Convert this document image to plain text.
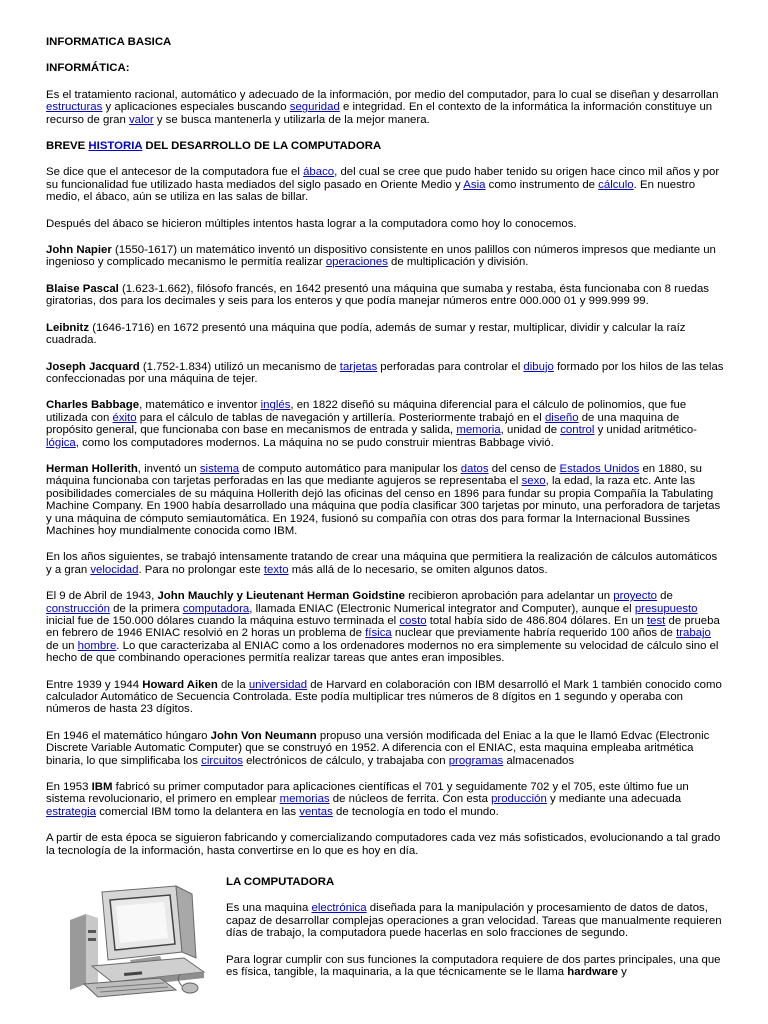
INFORMATICA BASICA

INFORMÁTICA:

Es el tratamiento racional, automático y adecuado de la información, por medio del computador, para lo cual se diseñan y desarrollan estructuras y aplicaciones especiales buscando seguridad e integridad. En el contexto de la informática la información constituye un recurso de gran valor y se busca mantenerla y utilizarla de la mejor manera.

BREVE HISTORIA DEL DESARROLLO DE LA COMPUTADORA

Se dice que el antecesor de la computadora fue el ábaco, del cual se cree que pudo haber tenido su origen hace cinco mil años y por su funcionalidad fue utilizado hasta mediados del siglo pasado en Oriente Medio y Asia como instrumento de cálculo. En nuestro medio, el ábaco, aún se utiliza en las salas de billar.

Después del ábaco se hicieron múltiples intentos hasta lograr a la computadora como hoy lo conocemos.

John Napier (1550-1617) un matemático inventó un dispositivo consistente en unos palillos con números impresos que mediante un ingenioso y complicado mecanismo le permitía realizar operaciones de multiplicación y división.

Blaise Pascal (1.623-1.662), filósofo francés, en 1642 presentó una máquina que sumaba y restaba, ésta funcionaba con 8 ruedas giratorias, dos para los decimales y seis para los enteros y que podía manejar números entre 000.000 01 y 999.999 99.

Leibnitz (1646-1716) en 1672 presentó una máquina que podía, además de sumar y restar, multiplicar, dividir y calcular la raíz cuadrada.

Joseph Jacquard (1.752-1.834) utilizó un mecanismo de tarjetas perforadas para controlar el dibujo formado por los hilos de las telas confeccionadas por una máquina de tejer.

Charles Babbage, matemático e inventor inglés, en 1822 diseñó su máquina diferencial para el cálculo de polinomios, que fue utilizada con éxito para el cálculo de tablas de navegación y artillería. Posteriormente trabajó en el diseño de una maquina de propósito general, que funcionaba con base en mecanismos de entrada y salida, memoria, unidad de control y unidad aritmético-lógica, como los computadores modernos. La máquina no se pudo construir mientras Babbage vivió.

Herman Hollerith, inventó un sistema de computo automático para manipular los datos del censo de Estados Unidos en 1880, su máquina funcionaba con tarjetas perforadas en las que mediante agujeros se representaba el sexo, la edad, la raza etc. Ante las posibilidades comerciales de su máquina Hollerith dejó las oficinas del censo en 1896 para fundar su propia Compañía la Tabulating Machine Company. En 1900 había desarrollado una máquina que podía clasificar 300 tarjetas por minuto, una perforadora de tarjetas y una máquina de cómputo semiautomática. En 1924, fusionó su compañía con otras dos para formar la Internacional Bussines Machines hoy mundialmente conocida como IBM.

En los años siguientes, se trabajó intensamente tratando de crear una máquina que permitiera la realización de cálculos automáticos y a gran velocidad. Para no prolongar este texto más allá de lo necesario, se omiten algunos datos.

El 9 de Abril de 1943, John Mauchly y Lieutenant Herman Goidstine recibieron aprobación para adelantar un proyecto de construcción de la primera computadora, llamada ENIAC (Electronic Numerical integrator and Computer), aunque el presupuesto inicial fue de 150.000 dólares cuando la máquina estuvo terminada el costo total había sido de 486.804 dólares. En un test de prueba en febrero de 1946 ENIAC resolvió en 2 horas un problema de física nuclear que previamente habría requerido 100 años de trabajo de un hombre. Lo que caracterizaba al ENIAC como a los ordenadores modernos no era simplemente su velocidad de cálculo sino el hecho de que combinando operaciones permitía realizar tareas que antes eran imposibles.

Entre 1939 y 1944 Howard Aiken de la universidad de Harvard en colaboración con IBM desarrolló el Mark 1 también conocido como calculador Automático de Secuencia Controlada. Este podía multiplicar tres números de 8 dígitos en 1 segundo y operaba con números de hasta 23 dígitos.

En 1946 el matemático húngaro John Von Neumann propuso una versión modificada del Eniac a la que le llamó Edvac (Electronic Discrete Variable Automatic Computer) que se construyó en 1952. A diferencia con el ENIAC, esta maquina empleaba aritmética binaria, lo que simplificaba los circuitos electrónicos de cálculo, y trabajaba con programas almacenados

En 1953 IBM fabricó su primer computador para aplicaciones científicas el 701 y seguidamente 702 y el 705, este último fue un sistema revolucionario, el primero en emplear memorias de núcleos de ferrita. Con esta producción y mediante una adecuada estrategia comercial IBM tomo la delantera en las ventas de tecnología en todo el mundo.

A partir de esta época se siguieron fabricando y comercializando computadores cada vez más sofisticados, evolucionando a tal grado la tecnología de la información, hasta convertirse en lo que es hoy en día.

LA COMPUTADORA

Es una maquina electrónica diseñada para la manipulación y procesamiento de datos de datos, capaz de desarrollar complejas operaciones a gran velocidad. Tareas que manualmente requieren días de trabajo, la computadora puede hacerlas en solo fracciones de segundo.

Para lograr cumplir con sus funciones la computadora requiere de dos partes principales, una que es física, tangible, la maquinaria, a la que técnicamente se le llama hardware y
